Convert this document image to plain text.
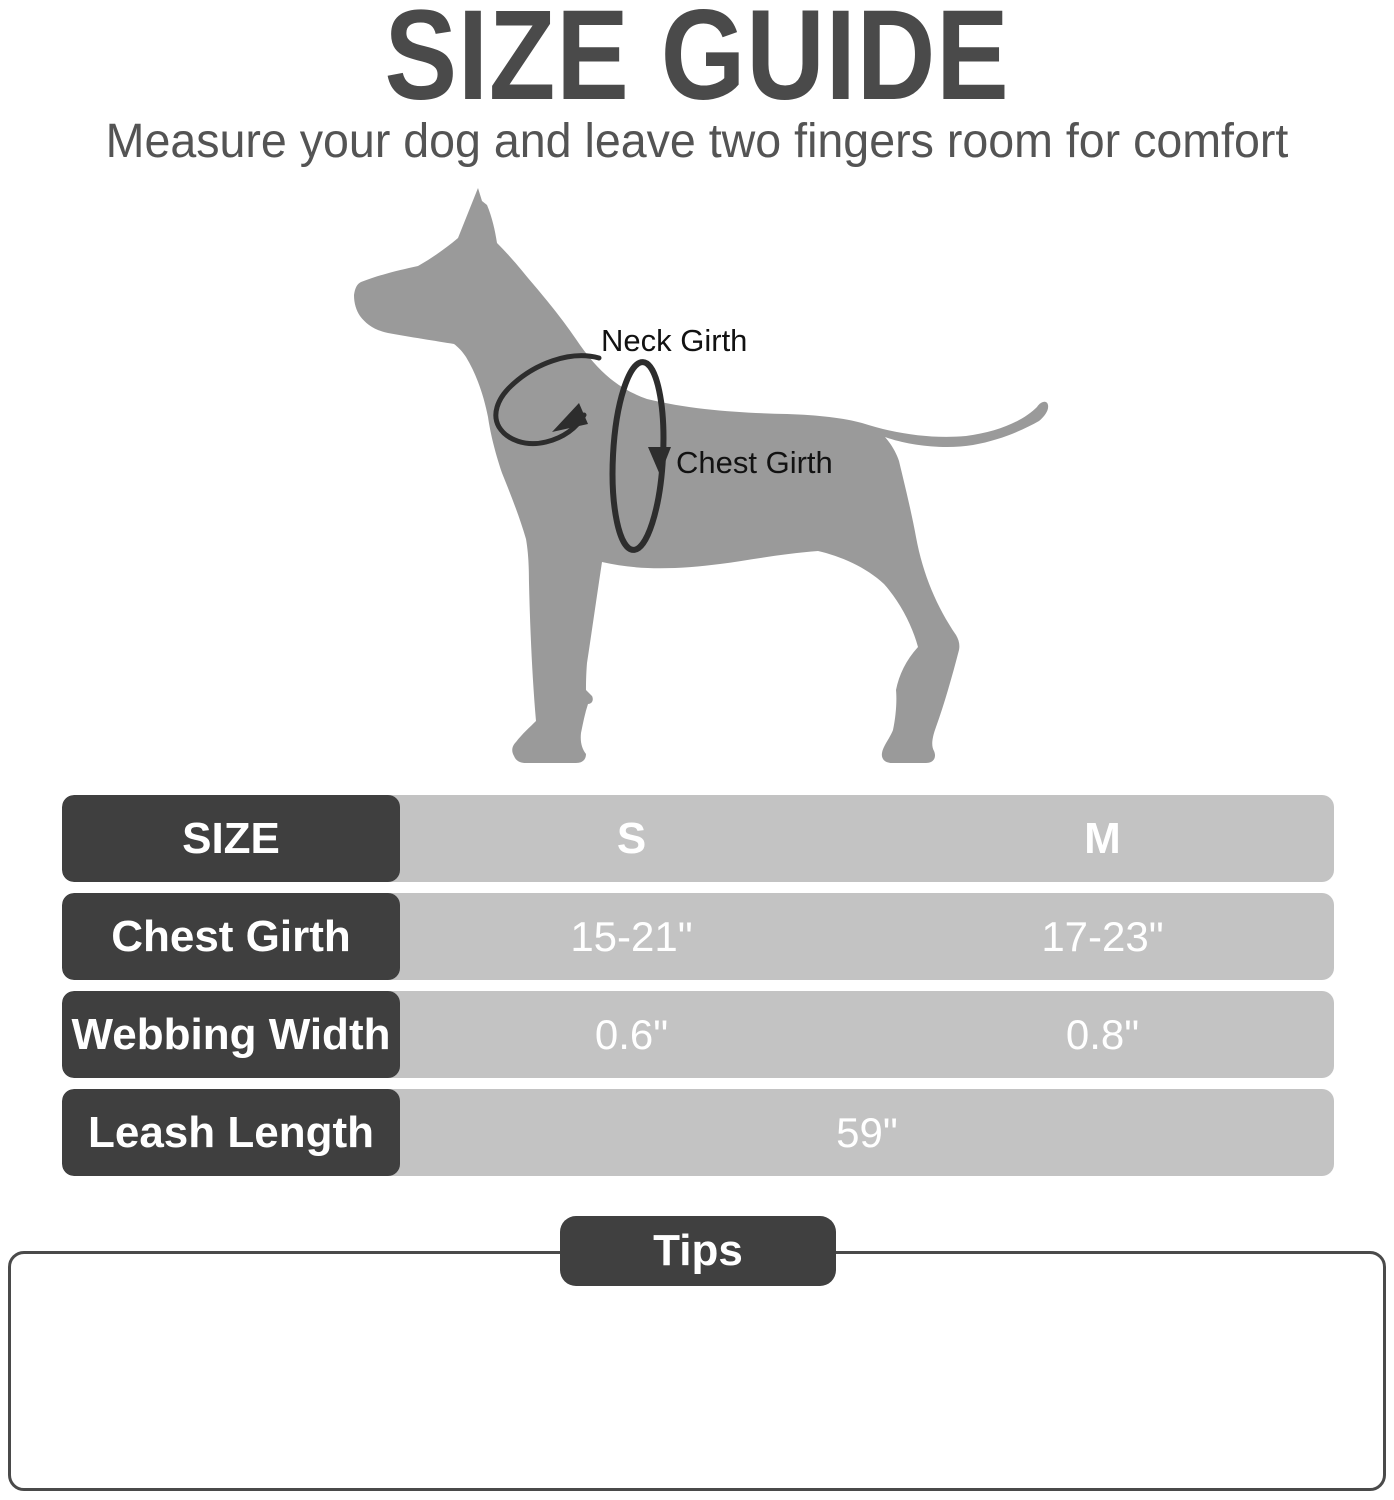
SIZE GUIDE
Measure your dog and leave two fingers room for comfort
Neck Girth
Chest Girth
SIZE	S	M
Chest Girth	15-21"	17-23"
Webbing Width	0.6"	0.8"
Leash Length	59"
Tips
